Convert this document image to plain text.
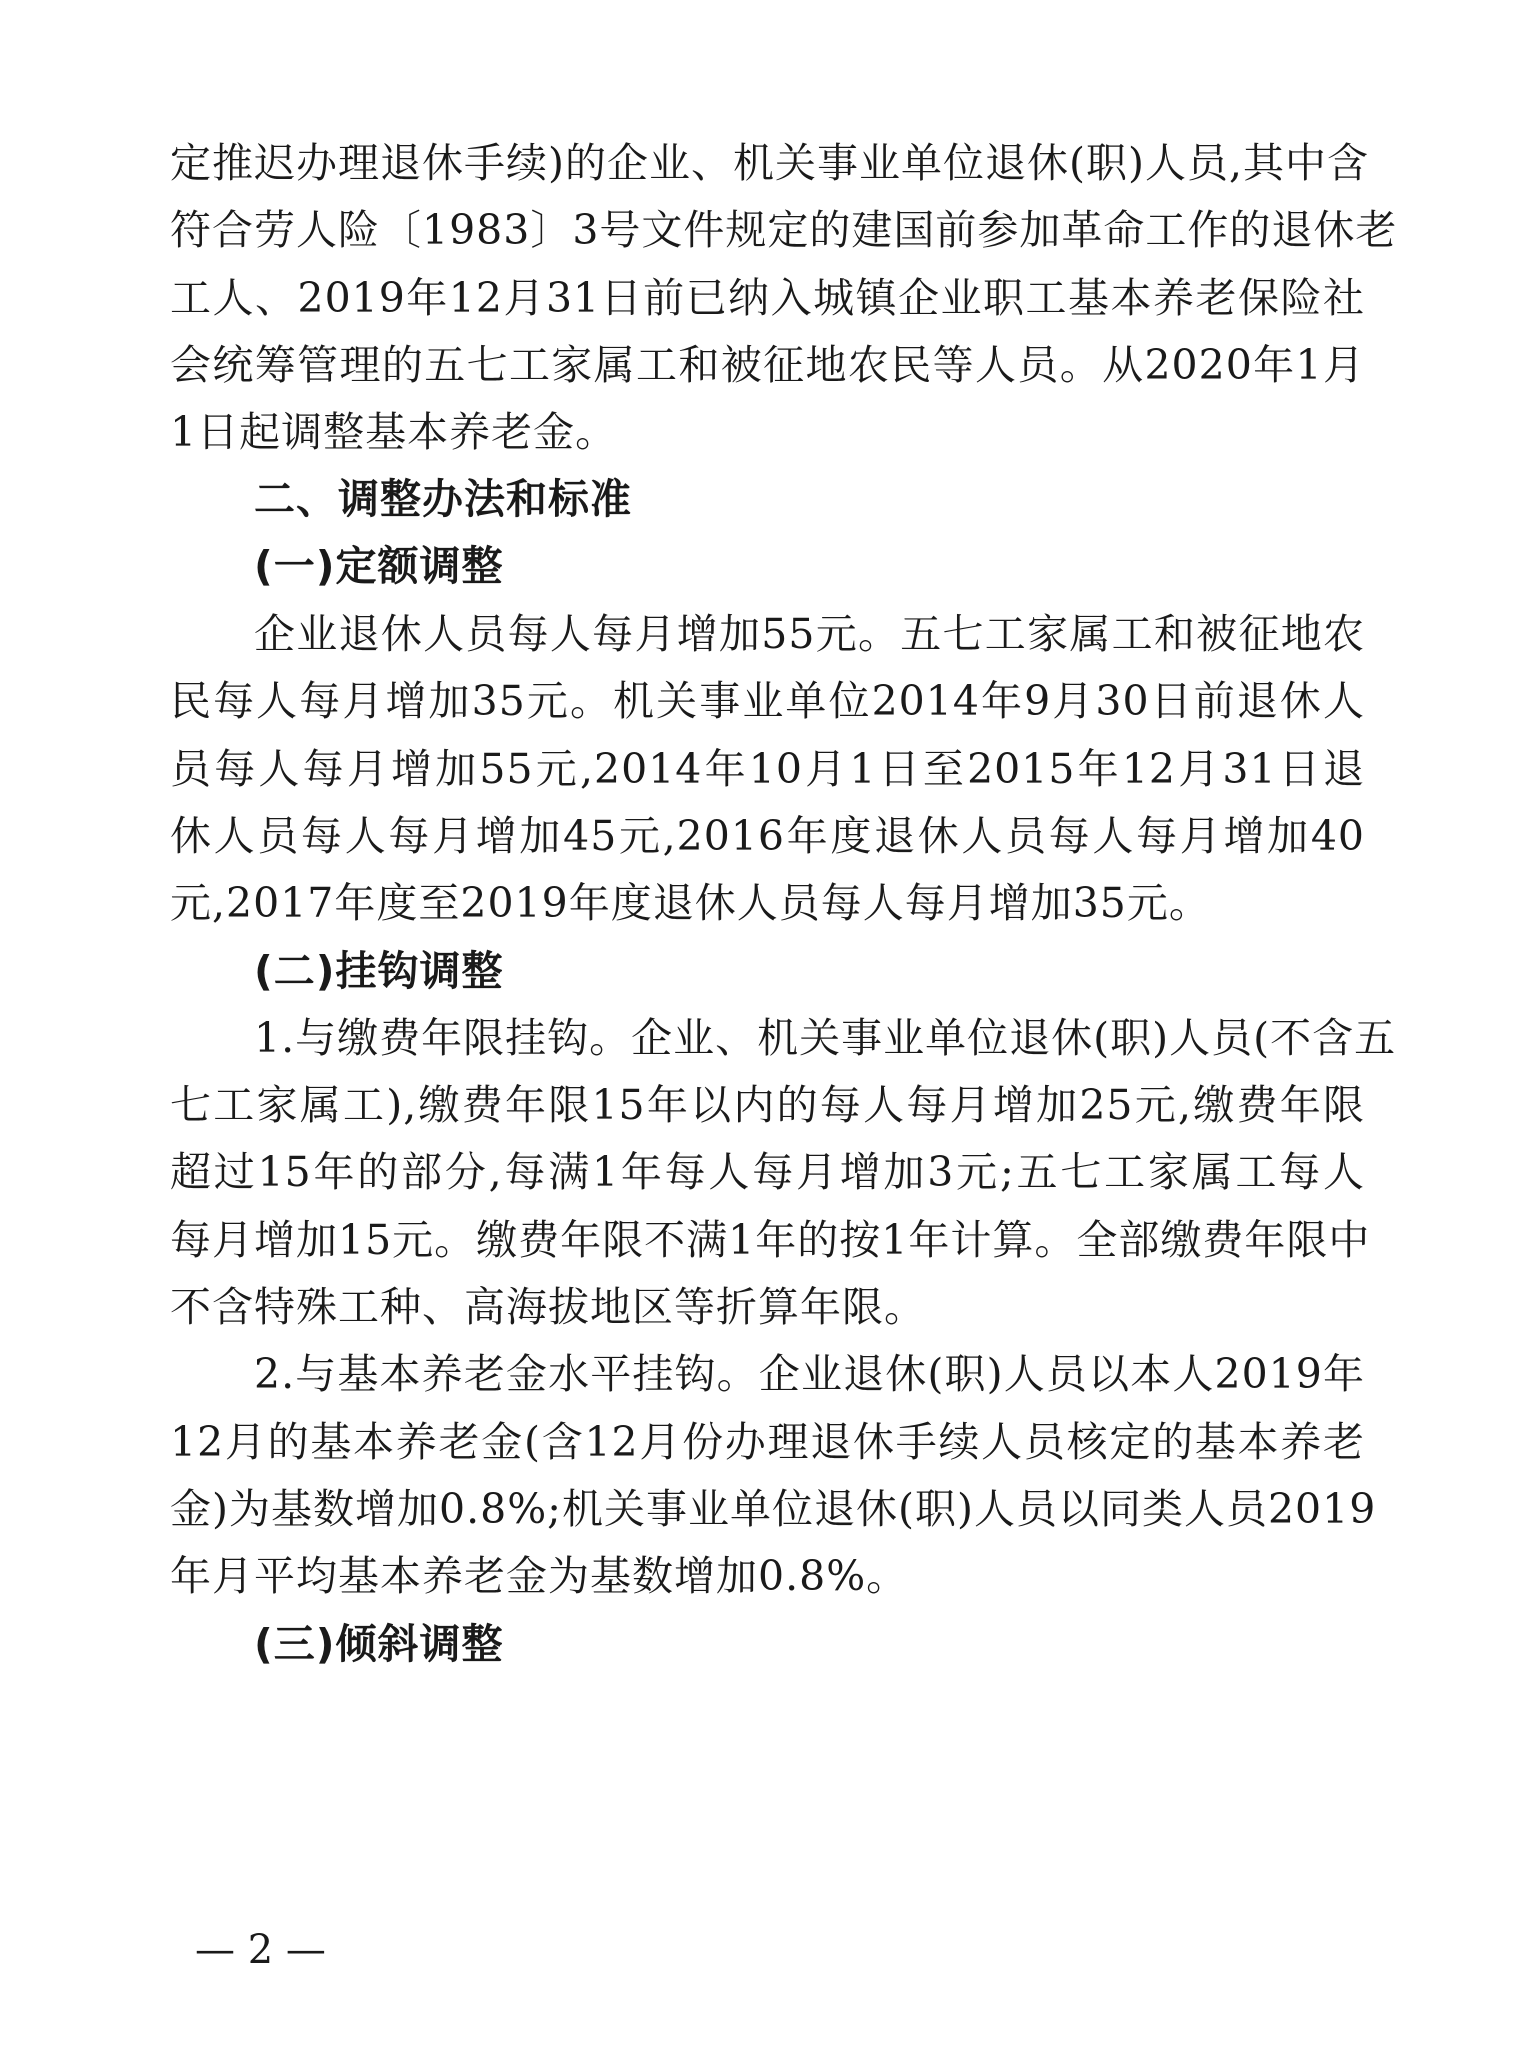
定推迟办理退休手续)的企业、机关事业单位退休(职)人员,其中含
符合劳人险〔1983〕3号文件规定的建国前参加革命工作的退休老
工人、2019年12月31日前已纳入城镇企业职工基本养老保险社
会统筹管理的五七工家属工和被征地农民等人员。从2020年1月
1日起调整基本养老金。
二、调整办法和标准
(一)定额调整
企业退休人员每人每月增加55元。五七工家属工和被征地农
民每人每月增加35元。机关事业单位2014年9月30日前退休人
员每人每月增加55元,2014年10月1日至2015年12月31日退
休人员每人每月增加45元,2016年度退休人员每人每月增加40
元,2017年度至2019年度退休人员每人每月增加35元。
(二)挂钩调整
1.与缴费年限挂钩。企业、机关事业单位退休(职)人员(不含五
七工家属工),缴费年限15年以内的每人每月增加25元,缴费年限
超过15年的部分,每满1年每人每月增加3元;五七工家属工每人
每月增加15元。缴费年限不满1年的按1年计算。全部缴费年限中
不含特殊工种、高海拔地区等折算年限。
2.与基本养老金水平挂钩。企业退休(职)人员以本人2019年
12月的基本养老金(含12月份办理退休手续人员核定的基本养老
金)为基数增加0.8%;机关事业单位退休(职)人员以同类人员2019
年月平均基本养老金为基数增加0.8%。
(三)倾斜调整
— 2 —
